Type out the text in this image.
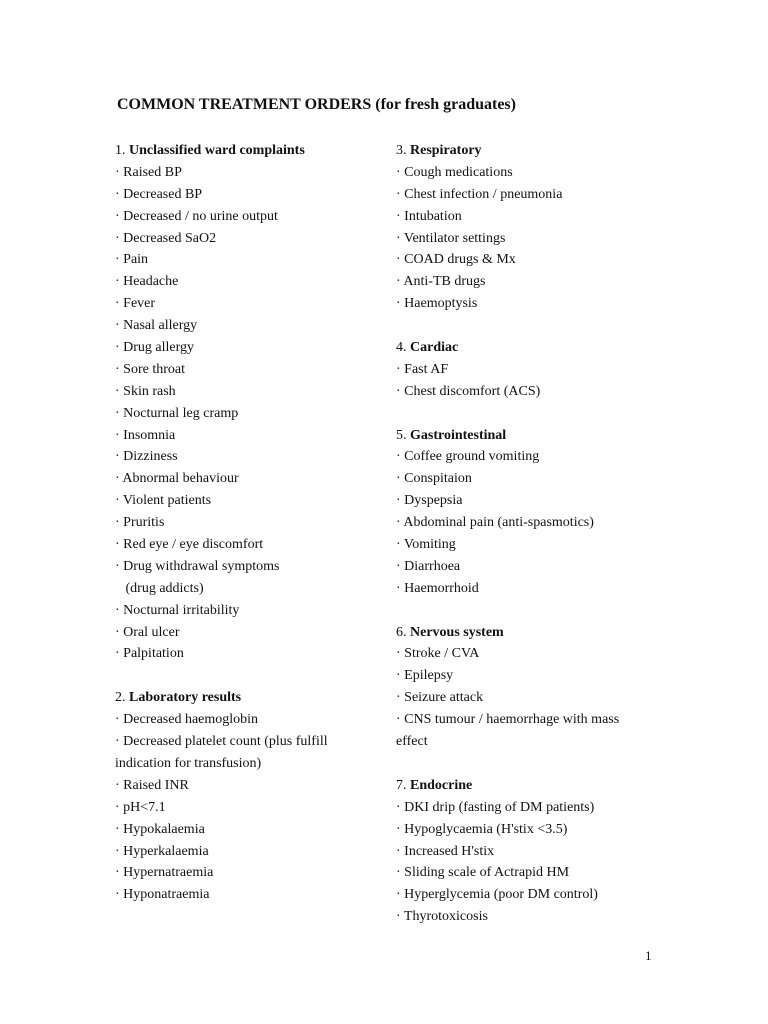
COMMON TREATMENT ORDERS (for fresh graduates)
1. Unclassified ward complaints
· Raised BP
· Decreased BP
· Decreased / no urine output
· Decreased SaO2
· Pain
· Headache
· Fever
· Nasal allergy
· Drug allergy
· Sore throat
· Skin rash
· Nocturnal leg cramp
· Insomnia
· Dizziness
· Abnormal behaviour
· Violent patients
· Pruritis
· Red eye / eye discomfort
· Drug withdrawal symptoms
(drug addicts)
· Nocturnal irritability
· Oral ulcer
· Palpitation
2. Laboratory results
· Decreased haemoglobin
· Decreased platelet count (plus fulfill
indication for transfusion)
· Raised INR
· pH<7.1
· Hypokalaemia
· Hyperkalaemia
· Hypernatraemia
· Hyponatraemia
3. Respiratory
· Cough medications
· Chest infection / pneumonia
· Intubation
· Ventilator settings
· COAD drugs & Mx
· Anti-TB drugs
· Haemoptysis
4. Cardiac
· Fast AF
· Chest discomfort (ACS)
5. Gastrointestinal
· Coffee ground vomiting
· Conspitaion
· Dyspepsia
· Abdominal pain (anti-spasmotics)
· Vomiting
· Diarrhoea
· Haemorrhoid
6. Nervous system
· Stroke / CVA
· Epilepsy
· Seizure attack
· CNS tumour / haemorrhage with mass
effect
7. Endocrine
· DKI drip (fasting of DM patients)
· Hypoglycaemia (H'stix <3.5)
· Increased H'stix
· Sliding scale of Actrapid HM
· Hyperglycemia (poor DM control)
· Thyrotoxicosis
1
